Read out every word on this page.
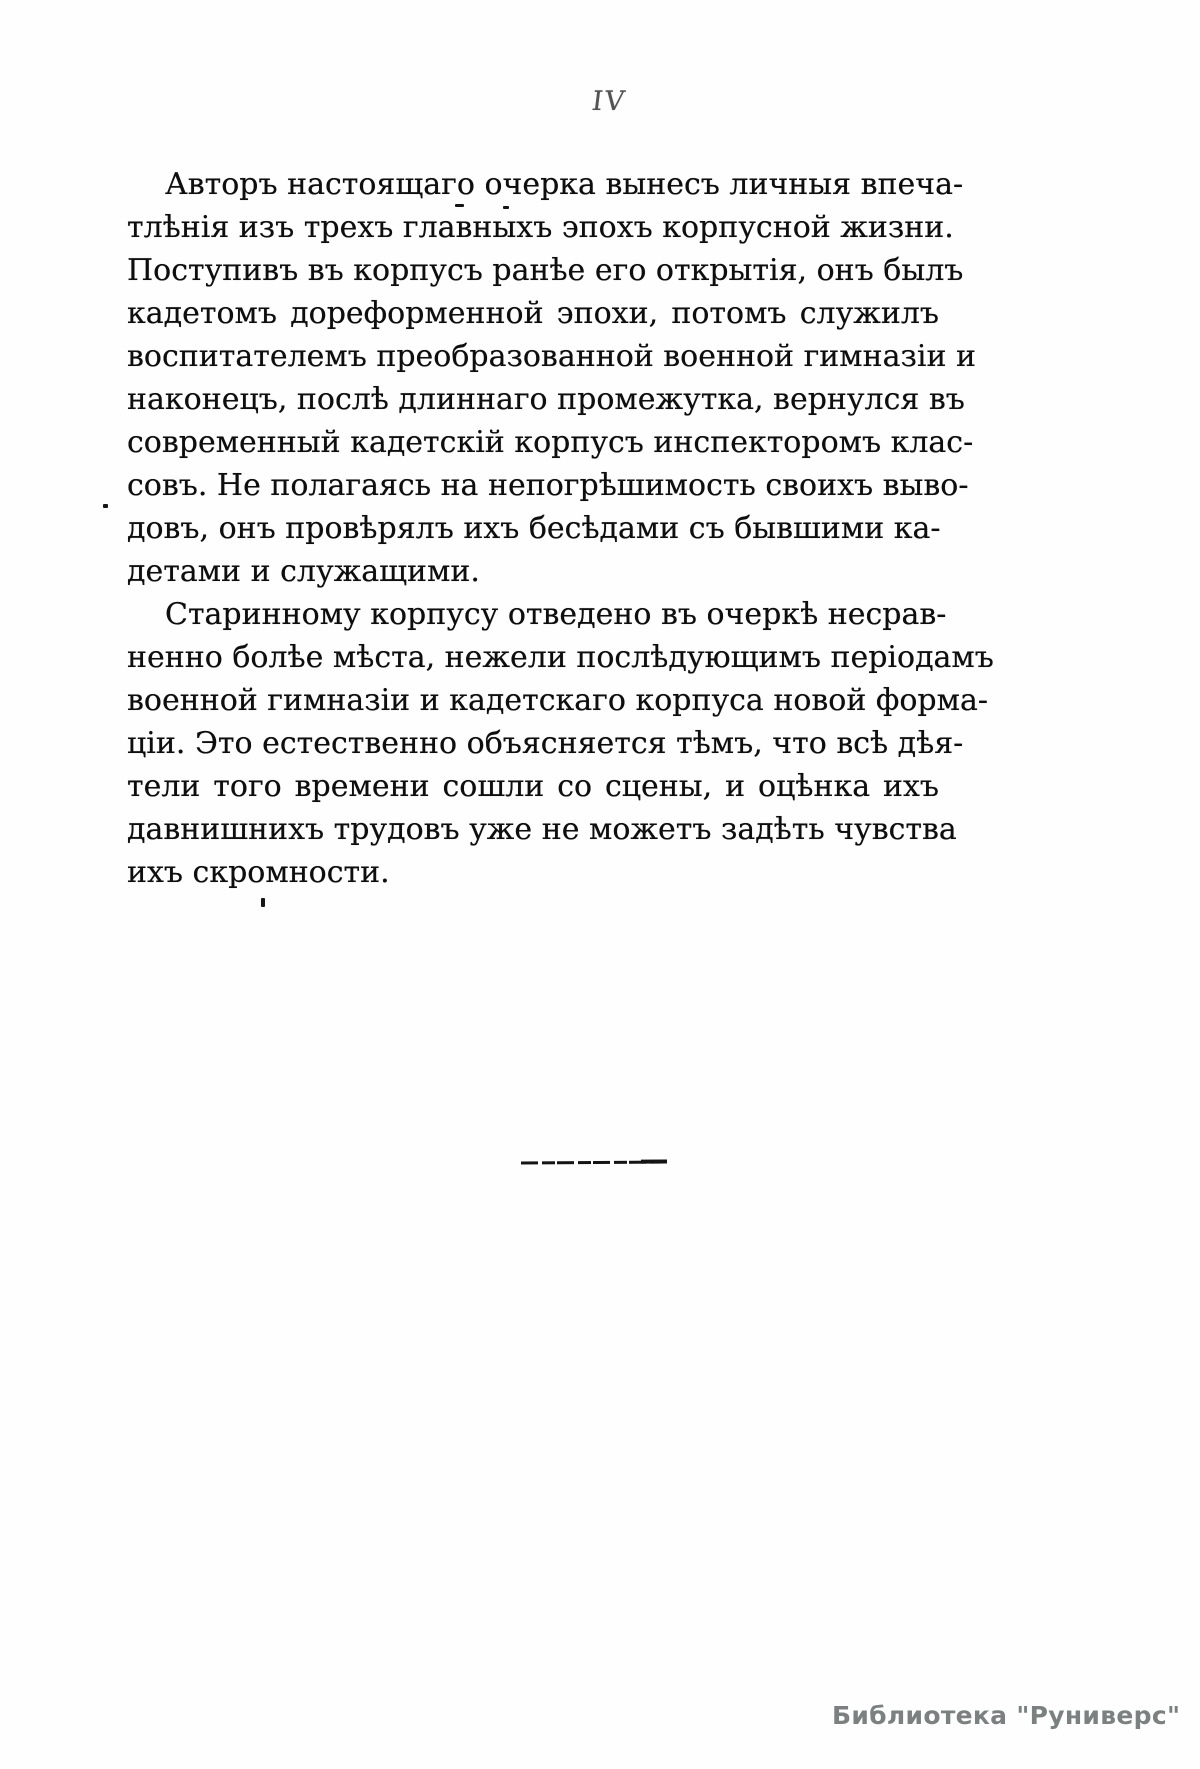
IV
Авторъ настоящаго очерка вынесъ личныя впеча-
тлѣнія изъ трехъ главныхъ эпохъ корпусной жизни.
Поступивъ въ корпусъ ранѣе его открытія, онъ былъ
кадетомъ дореформенной эпохи, потомъ служилъ
воспитателемъ преобразованной военной гимназіи и
наконецъ, послѣ длиннаго промежутка, вернулся въ
современный кадетскій корпусъ инспекторомъ клас-
совъ. Не полагаясь на непогрѣшимость своихъ выво-
довъ, онъ провѣрялъ ихъ бесѣдами съ бывшими ка-
детами и служащими.
Старинному корпусу отведено въ очеркѣ несрав-
ненно болѣе мѣста, нежели послѣдующимъ періодамъ
военной гимназіи и кадетскаго корпуса новой форма-
ціи. Это естественно объясняется тѣмъ, что всѣ дѣя-
тели того времени сошли со сцены, и оцѣнка ихъ
давнишнихъ трудовъ уже не можетъ задѣть чувства
ихъ скромности.
Библиотека "Руниверс"
